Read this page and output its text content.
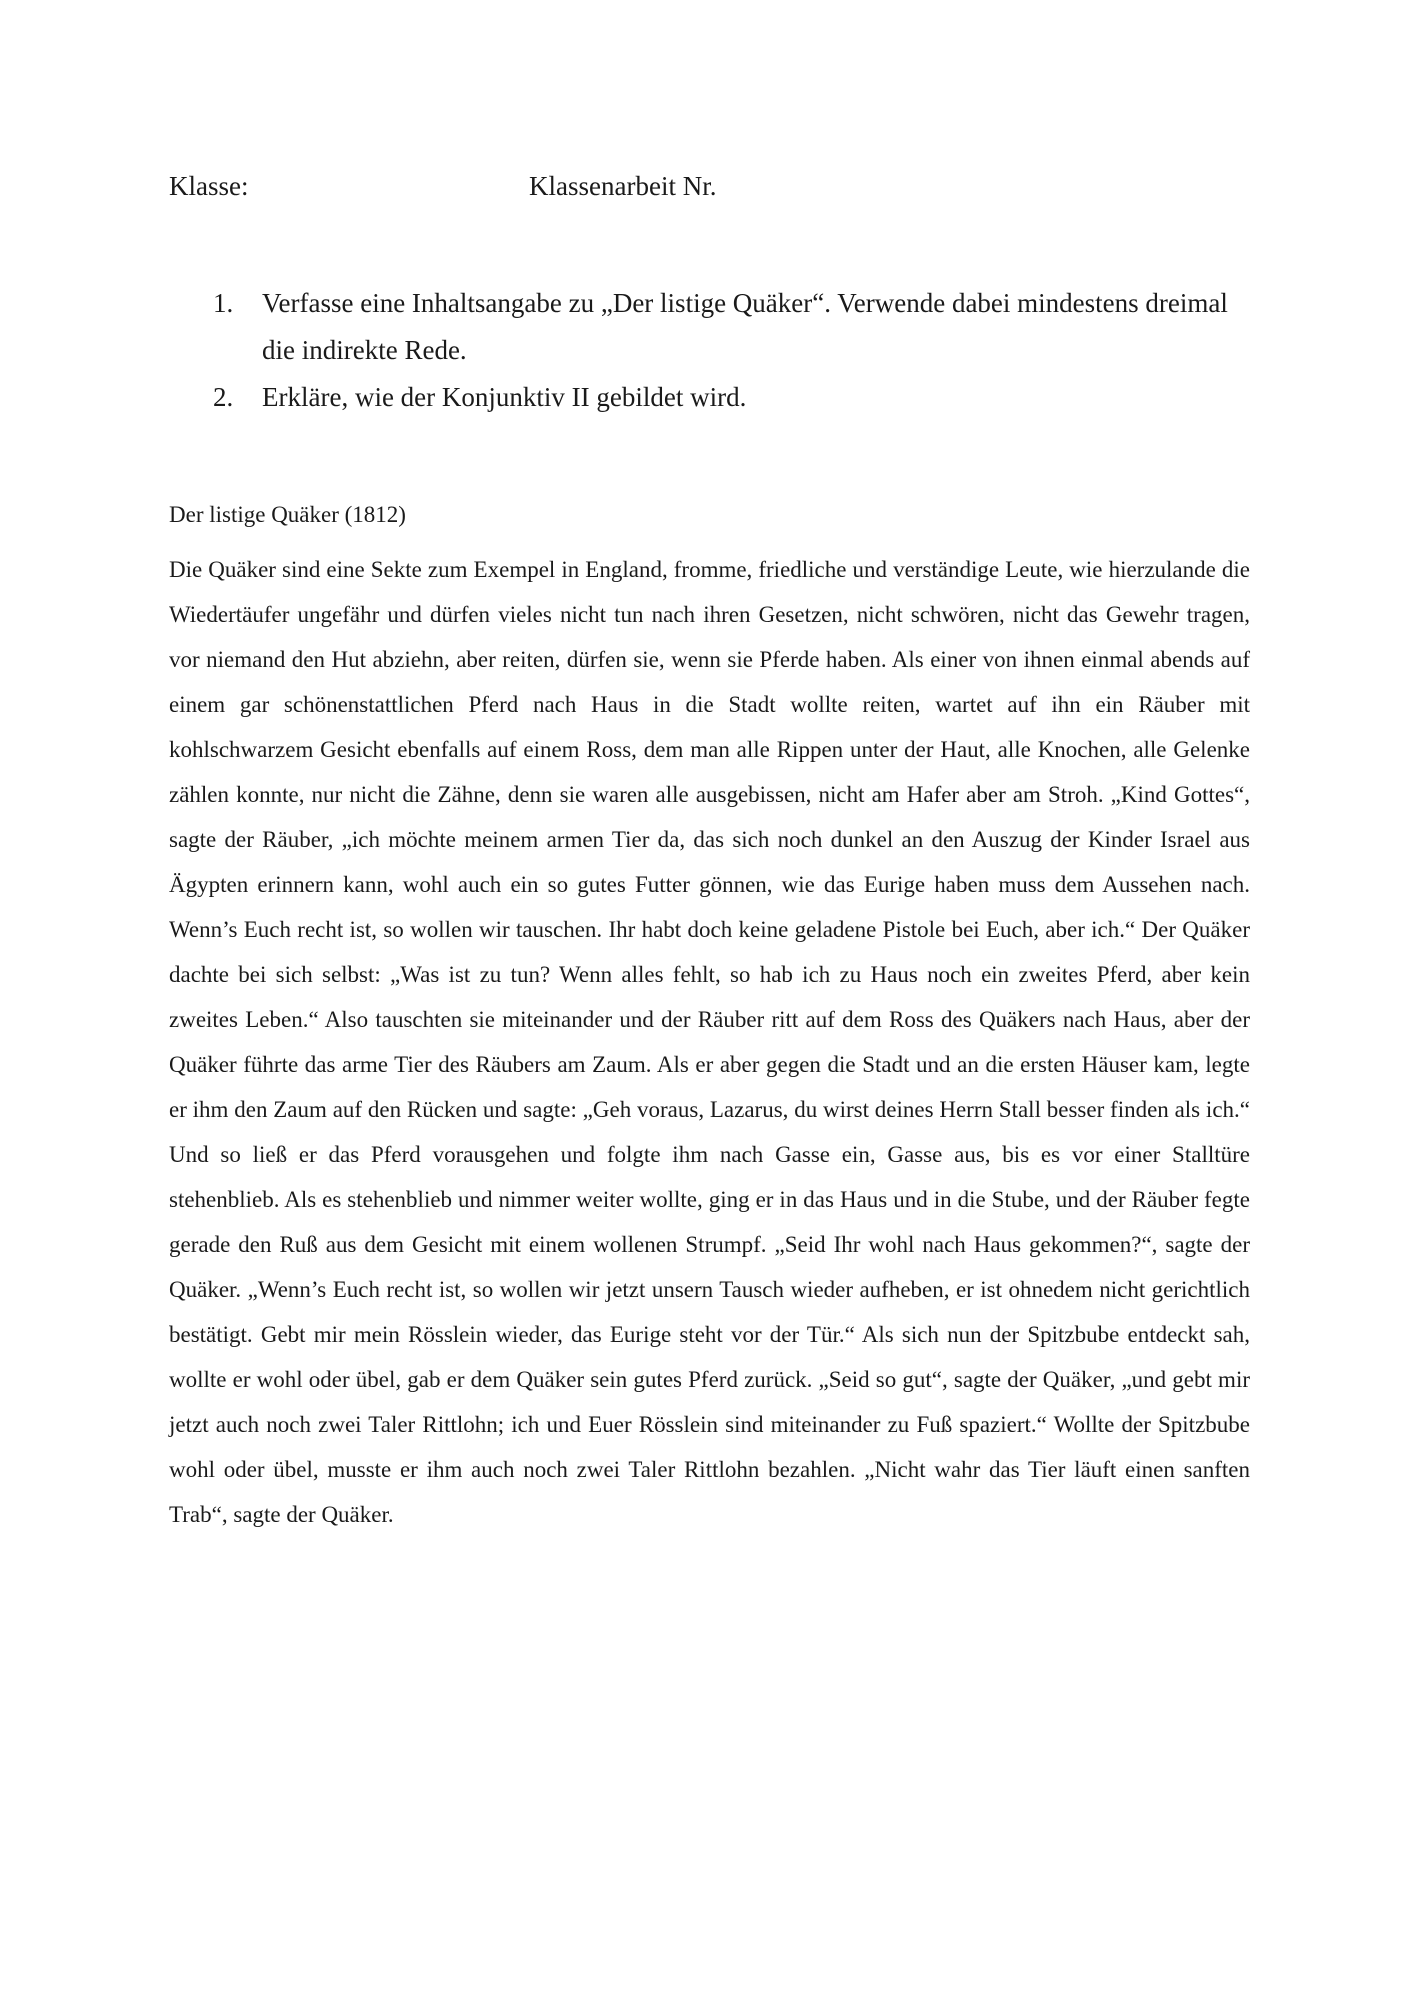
Klasse:	Klassenarbeit Nr.
1. Verfasse eine Inhaltsangabe zu „Der listige Quäker“. Verwende dabei mindestens dreimal die indirekte Rede.
2. Erkläre, wie der Konjunktiv II gebildet wird.

Der listige Quäker (1812)

Die Quäker sind eine Sekte zum Exempel in England, fromme, friedliche und verständige Leute, wie hierzulande die Wiedertäufer ungefähr und dürfen vieles nicht tun nach ihren Gesetzen, nicht schwören, nicht das Gewehr tragen, vor niemand den Hut abziehn, aber reiten, dürfen sie, wenn sie Pferde haben. Als einer von ihnen einmal abends auf einem gar schönenstattlichen Pferd nach Haus in die Stadt wollte reiten, wartet auf ihn ein Räuber mit kohlschwarzem Gesicht ebenfalls auf einem Ross, dem man alle Rippen unter der Haut, alle Knochen, alle Gelenke zählen konnte, nur nicht die Zähne, denn sie waren alle ausgebissen, nicht am Hafer aber am Stroh. „Kind Gottes“, sagte der Räuber, „ich möchte meinem armen Tier da, das sich noch dunkel an den Auszug der Kinder Israel aus Ägypten erinnern kann, wohl auch ein so gutes Futter gönnen, wie das Eurige haben muss dem Aussehen nach. Wenn’s Euch recht ist, so wollen wir tauschen. Ihr habt doch keine geladene Pistole bei Euch, aber ich.“ Der Quäker dachte bei sich selbst: „Was ist zu tun? Wenn alles fehlt, so hab ich zu Haus noch ein zweites Pferd, aber kein zweites Leben.“ Also tauschten sie miteinander und der Räuber ritt auf dem Ross des Quäkers nach Haus, aber der Quäker führte das arme Tier des Räubers am Zaum. Als er aber gegen die Stadt und an die ersten Häuser kam, legte er ihm den Zaum auf den Rücken und sagte: „Geh voraus, Lazarus, du wirst deines Herrn Stall besser finden als ich.“ Und so ließ er das Pferd vorausgehen und folgte ihm nach Gasse ein, Gasse aus, bis es vor einer Stalltüre stehenblieb. Als es stehenblieb und nimmer weiter wollte, ging er in das Haus und in die Stube, und der Räuber fegte gerade den Ruß aus dem Gesicht mit einem wollenen Strumpf. „Seid Ihr wohl nach Haus gekommen?“, sagte der Quäker. „Wenn’s Euch recht ist, so wollen wir jetzt unsern Tausch wieder aufheben, er ist ohnedem nicht gerichtlich bestätigt. Gebt mir mein Rösslein wieder, das Eurige steht vor der Tür.“ Als sich nun der Spitzbube entdeckt sah, wollte er wohl oder übel, gab er dem Quäker sein gutes Pferd zurück. „Seid so gut“, sagte der Quäker, „und gebt mir jetzt auch noch zwei Taler Rittlohn; ich und Euer Rösslein sind miteinander zu Fuß spaziert.“ Wollte der Spitzbube wohl oder übel, musste er ihm auch noch zwei Taler Rittlohn bezahlen. „Nicht wahr das Tier läuft einen sanften Trab“, sagte der Quäker.
